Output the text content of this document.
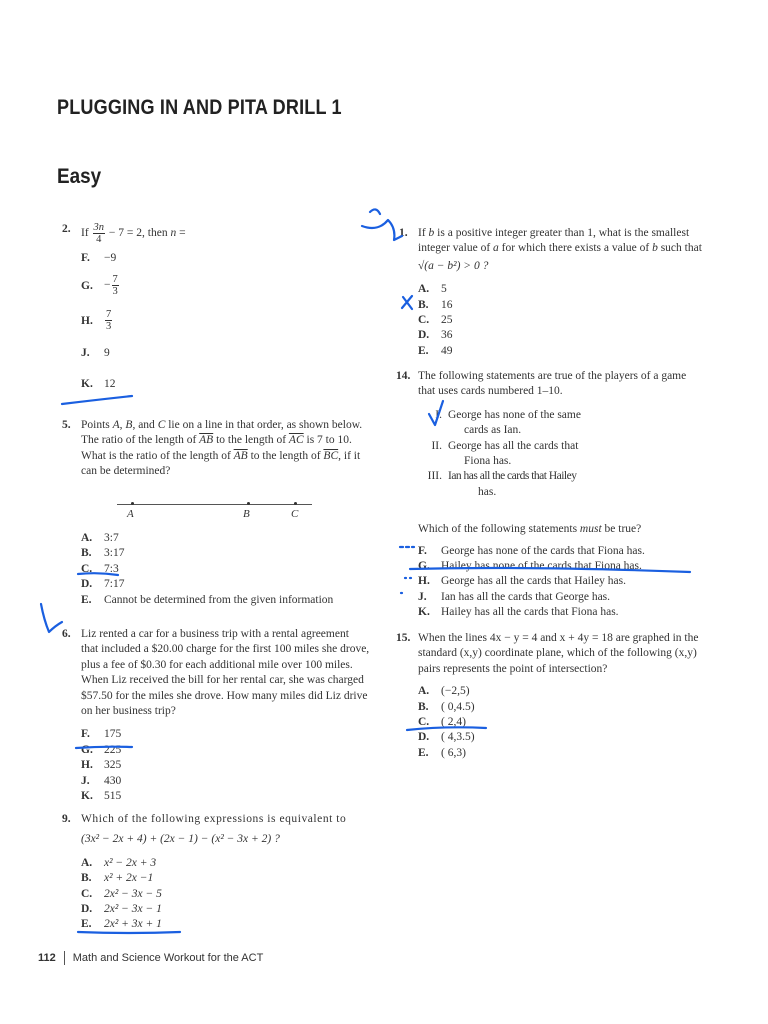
PLUGGING IN AND PITA DRILL 1
Easy
2. If $\frac{3n}{4} - 7 = 2$, then n =
F. −9
G. − $\frac{7}{3}$
H. $\frac{7}{3}$
J. 9
K. 12
5. Points A, B, and C lie on a line in that order, as shown below.
The ratio of the length of $\overline{AB}$ to the length of $\overline{AC}$ is 7 to 10.
What is the ratio of the length of $\overline{AB}$ to the length of $\overline{BC}$, if it
can be determined?
A	B	C
A. 3:7
B. 3:17
C. 7:3
D. 7:17
E. Cannot be determined from the given information
6. Liz rented a car for a business trip with a rental agreement
that included a $20.00 charge for the first 100 miles she drove,
plus a fee of $0.30 for each additional mile over 100 miles.
When Liz received the bill for her rental car, she was charged
$57.50 for the miles she drove. How many miles did Liz drive
on her business trip?
F. 175
G. 225
H. 325
J. 430
K. 515
9. Which of the following expressions is equivalent to
(3x² − 2x + 4) + (2x − 1) − (x² − 3x + 2) ?
A. x² − 2x + 3
B. x² + 2x −1
C. 2x² − 3x − 5
D. 2x² − 3x − 1
E. 2x² + 3x + 1
1. If b is a positive integer greater than 1, what is the smallest
integer value of a for which there exists a value of b such that
√(a − b²) > 0 ?
A. 5
B. 16
C. 25
D. 36
E. 49
14. The following statements are true of the players of a game
that uses cards numbered 1–10.
I. George has none of the same
cards as Ian.
II. George has all the cards that
Fiona has.
III. Ian has all the cards that Hailey
has.
Which of the following statements must be true?
F. George has none of the cards that Fiona has.
G. Hailey has none of the cards that Fiona has.
H. George has all the cards that Hailey has.
J. Ian has all the cards that George has.
K. Hailey has all the cards that Fiona has.
15. When the lines 4x − y = 4 and x + 4y = 18 are graphed in the
standard (x,y) coordinate plane, which of the following (x,y)
pairs represents the point of intersection?
A. (−2,5)
B. ( 0,4.5)
C. ( 2,4)
D. ( 4,3.5)
E. ( 6,3)
112 Math and Science Workout for the ACT
